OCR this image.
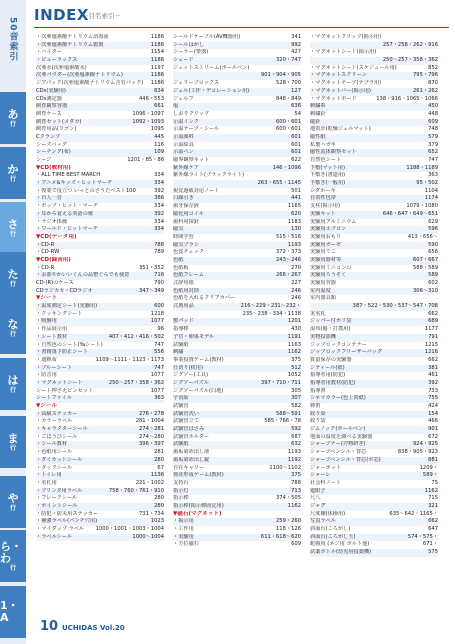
50音索引
あ
行
か
行
さ
行
た
行
な
行
は
行
ま
行
や
行
ら・わ
行
1・A
INDEX
－目名索引－
・次亜塩素酸ナトリウム消毒液	1186
・次亜塩素酸ナトリウム製剤	1186
・ハイター	1154
・ピューラックス	1186
次亜水(次亜塩素酸水)	1197
次亜パウダー(次亜塩素酸ナトリウム)	1186
ジアパック(次亜塩素酸ナトリウム含有パック)	1186
CDs(実験用)	634
CDs測定器	446・553
飼育観察容器	661
飼育ケース	1096・1097
飼育セット(メダカ)	1092・1093
飼育用品(ワゴン)	1095
Cクランプ	445
シーズバッグ	116
シーチング(布)	109
シージ	1201・85・86
▼CD(教材用)
・ALL TIME BEST MARCH	334
・アニメ&キッズ・ヒットマーチ	334
・授業で役立つ いっとのさうたベスト100	392
・百人一首	386
・ポップ・ヒット・マーチ	334
・耳から覚える英語の歌	392
・ラジオ体操	334
・ワールド・ヒットマーチ	334
▼CD(データ用)
・CD-R	788
・CD-RW	789
▼CD(録音用)
・CD-R	351・352
・お部やかいいくんの品整ぐらでも使意	716
CD-(R)のケース	790
CDラジカセ・CDラジオ	347〜349
▼シート
・温度測定シート(実験用)	600
・クッキングシート	1218
・吸盤用	1077
・作品展示用	96
・シート教材	407・412・416・502
・自然色のシート(Yaシート)	747
・書籍落下防止シート	556
・遮熱布	1109〜1111・1123・1173
・ブルーシート	747
・防音用	1077
・マグネットシート	250〜257・358・362
シート押さえピンセット	1077
シートファイル	363
▼シール
・高級ステッカー	276・278
・カラーラベル	281・1004
・キャラクターシール	274〜281
・ごほうびシール	274〜280
・シール教材	396・397
・色紙用シール	281
・ダイカットシール	280
・タックシール	67
・トイレ用	1136
・名札用	221・1002
・プリンタ用ラベル	758・760・761・910
・フレークシール	280
・ポイントシール	280
・防犯・防災用ステッカー	731・734
・補強ラベル(パンチ穴用)	1023
・マイダップ ラベル	1000・1001・1003・1004
・ラベルシール	1000〜1004
シールドケーブル(AV機器用)	341
シールはがし	992
シーラー(楽器)	427
シェード	320・747
ジェットストリーム(ボールペン)
901・904・905
ジェリーブロックス	528・700
ジェル(工作・デコレーション用)	127
ジェルフ	848・849
塩	636
しおりクリップ	54
示温インク	600・601
示温テープ・シール	600・601
示温顔料	601
示温絵具	601
示温ペン	601
磁界観察キット	622
紫外線ケア	146・1096
紫外線ライト(ブラックライト)
263・655・1145
視覚過敏対応ノート	501
白線引き	441
歯牙保存液	1165
磁化用コイル	620
歯科用探針	1183
磁気	130
時間学習	515・516
磁気ブラシ	1193
色覚チェック	372・373
色紙	243〜246
色紙板	270
色紙フレーム	266・267
式辞用紙	227
色紙用封筒	246
色紙を入れるクリアカバー	246
式典用品	216〜229・231〜232・
235〜238・334・1138
敷パッド	1201
指導棒	430
子宮・卵巣モデル	1191
試験紙	1163
刺繍	1162
事業投資ゲーム(教材)	375
仕切り(机用)	512
ジグソー(工具)	1052
ジグソーパズル	397・710・711
ジグソーパズル(白地)	305
字消版	307
試験管	582
試験管洗い	588〜591
試験管立て	585・766・78
試験管ばさみ	592
試験管ホルダー	687
試験紙	632
歯垢染め出し液	1193
歯垢染め出し錠	1192
自在キャリー	1100〜1102
資産形成ゲーム(教材)	375
支持台	788
指示灯	713
指示棒	374・505
指示棒(掲示棒固定用)	1162
▼磁石(マグネット)
・掲示用	259・260
・工作用	118・126
・実験用	611・618〜620
・方位磁石	609
・マグネットクリップ(掲示用)
257・258・262・916
・マグネットシート(掲示用)
250〜257・358・362
・マグネットシート(スケジュール用)	852
・マグネットスクリーン	795・796
・マグネットテープ(テプラ用)	870
・マグネットバー(掲示用)	261・262
・マグネットボード	138・916・1065・1066
刺繍糸	450
刺繍針	448
磁針	609
地震計(乾燥ジェルマット)	748
磁性紙	579
私製ハガキ	379
磁性流体観察セット	652
自然色シート	747
下敷(マット用)	1188・1189
下敷き(書道用)	363
下敷き(一般用)	95・502
シダホーキ	1104
自着性包帯	1174
支柱(掲示用)	1079・1080
実験キット	646・647・649〜651
実験用アルミニウム	629
実験用エプロン	596
実験用おもり	413・656〜
実験用ガーゼ	590
実験用てこ	656
実験用器材等	607・667
実験用ミニコンロ	588・589
実験用ろうそく	589
実験用容器	602
室内温度	306〜310
室内器具類
387・522・530・537〜547・708
実名札	662
ジッパー付ポリ袋	689
湿布(傷・打撲用)	1177
実物投影機	791
ジップロックコンテナー	1215
ジップロックフリーザーバッグ	1216
質量保存の実験器	662
ジティール(紙)	381
指導者用(防犯)	461
指導者用教材(防犯)	392
指導書	733
シネマカラー(色上質紙)	755
篠笛	424
絞り染	154
絞り袋	466
ジムノック(ボールペン)	901
地面の温度を調べる実験器	672
シャープナー(刃物研ぎ)	924・925
シャープペンシル・替芯	838・905・923
シャープペンシル・替芯(ボ芯)	881
ジャーポット	1209・
シャーレ	589・
社会科ノート	75
遮眼子	1162
尺八	715
ジャグ	321
尺度棚(体操用)	635〜642・1165・
写真ラベル	662
斜面台(ころがし)	647
斜面台(ころがし玉)	574・575・
蛇腹用 (ネジ用 ボルト他)	671・
試薬ボトル(幼児用投薬機)	575
10 UCHIDAS Vol.20
